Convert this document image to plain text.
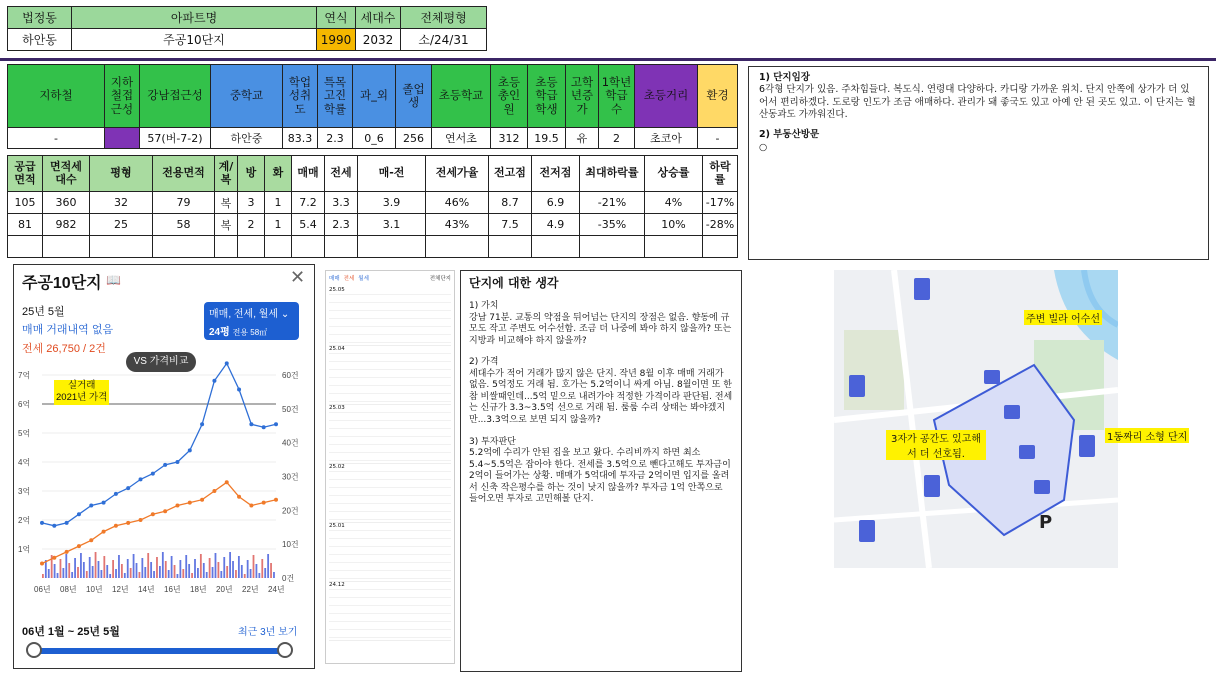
법정동	아파트명	연식	세대수	전체평형
하안동	주공10단지	1990	2032	소/24/31
지하철	지하철접근성	강남접근성	중학교	학업성취도	특목고진학률	과_외	졸업생	초등학교	초등총인원	초등학급학생	고학년증가	1학년학급수	초등거리	환경
-		57(버-7-2)	하안중	83.3	2.3	0_6	256	연서초	312	19.5	유	2	초코아	-
공급면적	면적세대수	평형	전용면적	계/복	방	화	매매	전세	매-전	전세가율	전고점	전저점	최대하락률	상승률	하락률
105	360	32	79	복	3	1	7.2	3.3	3.9	46%	8.7	6.9	-21%	4%	-17%
81	982	25	58	복	2	1	5.4	2.3	3.1	43%	7.5	4.9	-35%	10%	-28%

1) 단지임장

6각형 단지가 있음. 주차힘들다. 복도식. 연령대 다양하다. 카디랑 가까운 위치. 단지 안쪽에 상가가 더 있어서 편리하겠다. 도로랑 인도가 조금 애매하다. 관리가 돼 좋국도 있고 아예 안 된 곳도 있고. 이 단지는 혈산동과도 가까워진다.

2) 부동산방문

○

주공10단지 📖	✕
25년 5월
매매 거래내역 없음
전세 26,750 / 2건
매매, 전세, 월세 ⌄
24평 전용 58㎡
VS 가격비교
7억
6억
5억
4억
3억
2억
1억
60건
50건
40건
30건
20건
10건
0건
06년 08년 10년 12년 14년 16년 18년 20년 22년 24년
실거래
2021년 가격
06년 1월 ~ 25년 5월	최근 3년 보기
매매 전세 월세	전체단지
25.05
25.04
25.03
25.02
25.01
24.12
단지에 대한 생각
1) 가치
강남 71분. 교통의 약점을 뒤어넘는 단지의 장점은 없음. 향동에 규모도 작고 주변도 어수선함. 조금 더 나중에 봐야 하지 않을까? 또는 지방과 비교해야 하지 않을까?
2) 가격
세대수가 적어 거래가 많지 않은 단지. 작년 8월 이후 매매 거래가 없음. 5억정도 거래 됨. 호가는 5.2억이니 싸게 아님. 8월이면 또 한참 비쌀때인데...5억 밑으로 내려가야 적정한 가격이라 판단됨. 전세는 신규가 3.3~3.5억 선으로 거래 됨. 룸룸 수리 상태는 봐야겠지만...3.3억으로 보면 되지 않을까?
3) 투자판단
5.2억에 수리가 안된 집을 보고 왔다. 수리비까지 하면 최소 5.4~5.5억은 잡아야 한다. 전세를 3.5억으로 뺀다고해도 투자금이 2억이 들어가는 상황. 매매가 5억대에 투자금 2억이면 입지를 올려서 신축 작은평수를 하는 것이 낫지 않을까? 투자금 1억 안쪽으로 들어오면 투자로 고민해볼 단지.
P
주변 빌라 어수선
3자가 공간도 있고해서 더 선호됨.
1동짜리 소형 단지
